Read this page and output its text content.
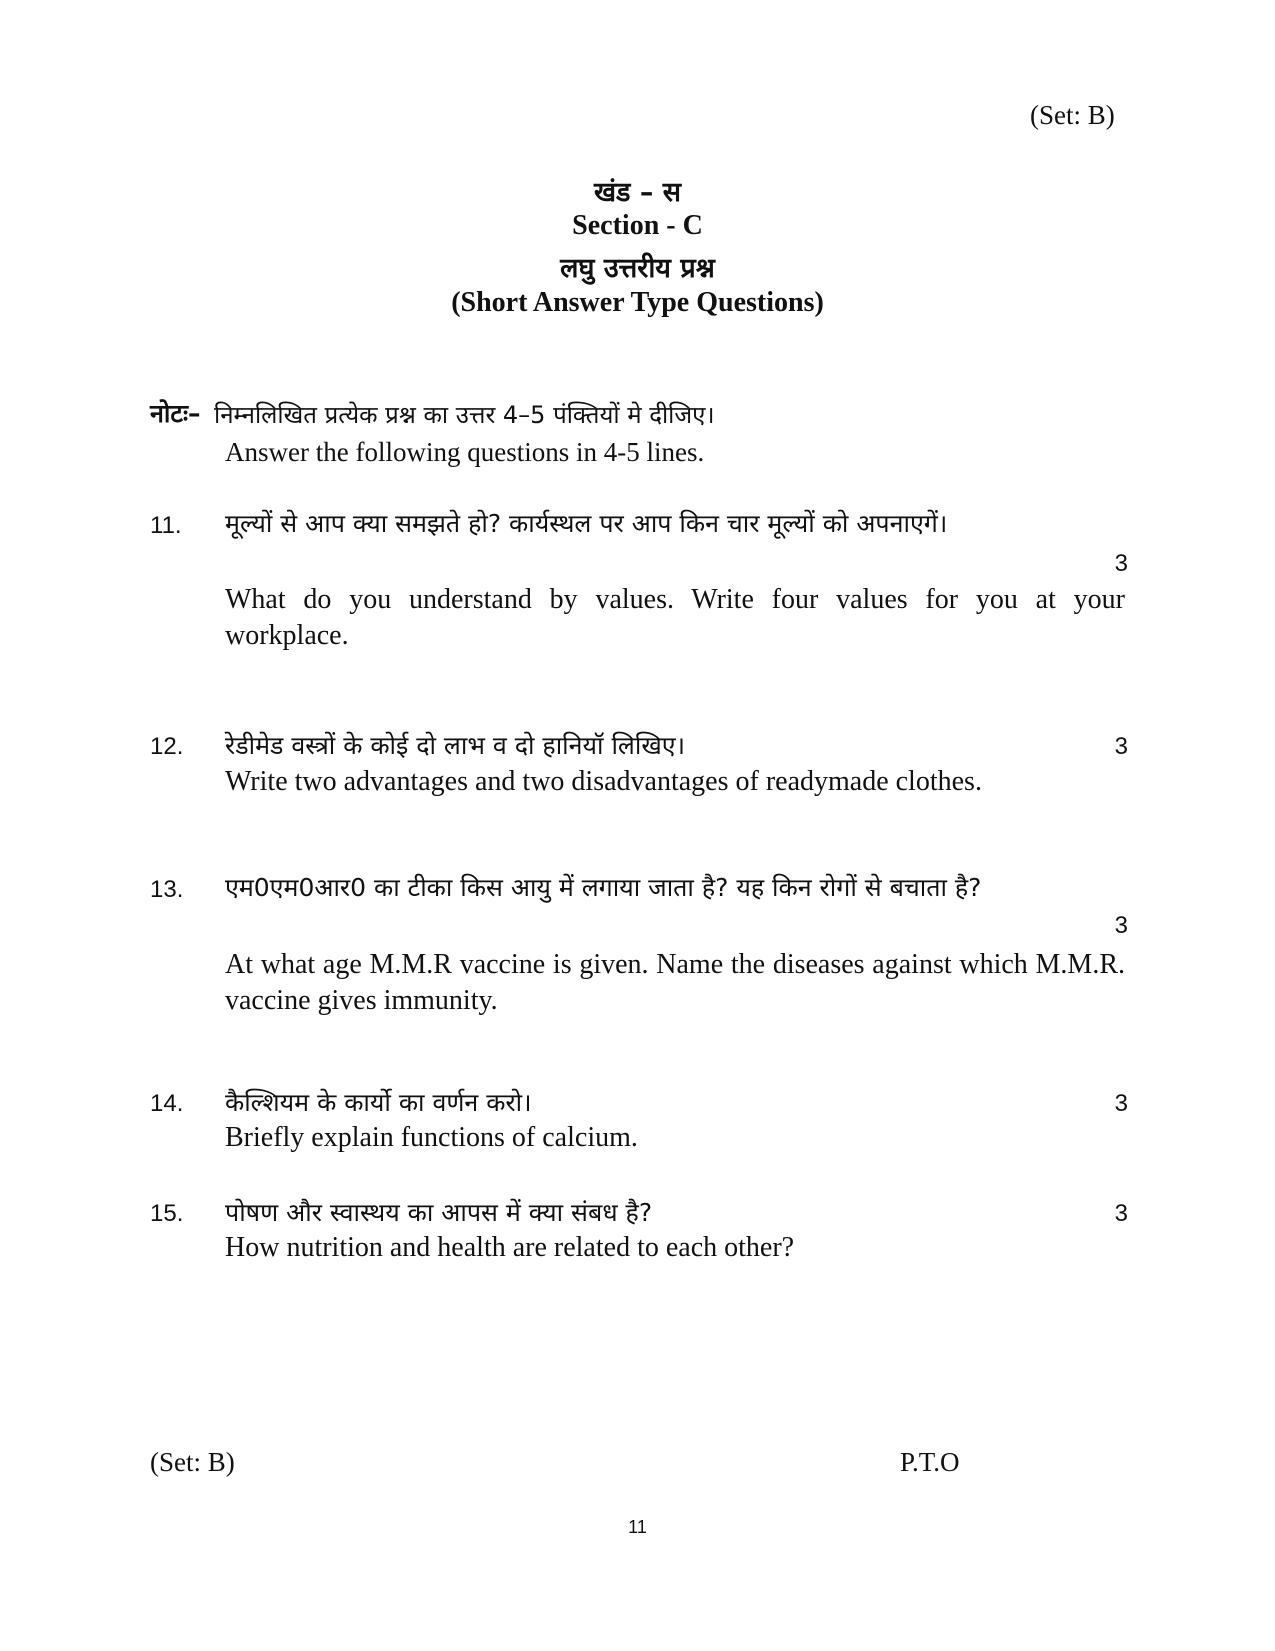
(Set: B)
खंड – स
Section - C
लघु उत्तरीय प्रश्न
(Short Answer Type Questions)
नोटः– निम्नलिखित प्रत्येक प्रश्न का उत्तर 4–5 पंक्तियों मे दीजिए।
Answer the following questions in 4-5 lines.
11. मूल्यों से आप क्या समझते हो? कार्यस्थल पर आप किन चार मूल्यों को अपनाएगें।
3
What do you understand by values. Write four values for you at your workplace.
12. रेडीमेड वस्त्रों के कोई दो लाभ व दो हानियॉ लिखिए।	3
Write two advantages and two disadvantages of readymade clothes.
13. एम0एम0आर0 का टीका किस आयु में लगाया जाता है? यह किन रोगों से बचाता है?
3
At what age M.M.R vaccine is given. Name the diseases against which M.M.R. vaccine gives immunity.
14. कैल्शियम के कार्यो का वर्णन करो।	3
Briefly explain functions of calcium.
15. पोषण और स्वास्थय का आपस में क्या संबध है?	3
How nutrition and health are related to each other?
(Set: B)	P.T.O
11
